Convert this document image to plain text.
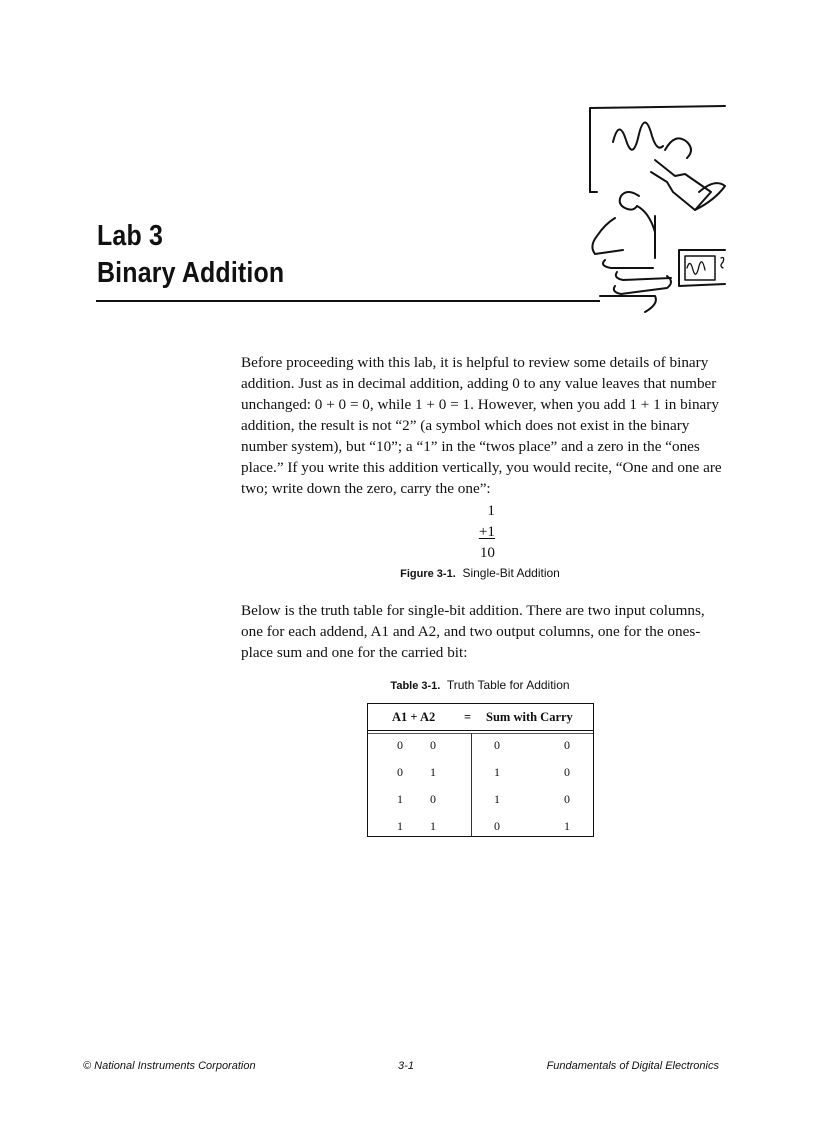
Lab 3
Binary Addition

Before proceeding with this lab, it is helpful to review some details of binary addition. Just as in decimal addition, adding 0 to any value leaves that number unchanged: 0 + 0 = 0, while 1 + 0 = 1. However, when you add 1 + 1 in binary addition, the result is not “2” (a symbol which does not exist in the binary number system), but “10”; a “1” in the “twos place” and a zero in the “ones place.” If you write this addition vertically, you would recite, “One and one are two; write down the zero, carry the one”:

1
+1
10
Figure 3-1. Single-Bit Addition

Below is the truth table for single-bit addition. There are two input columns, one for each addend, A1 and A2, and two output columns, one for the ones-place sum and one for the carried bit:

Table 3-1. Truth Table for Addition
A1 + A2 = Sum with Carry
0	0	0	0
0	1	1	0
1	0	1	0
1	1	0	1
© National Instruments Corporation	3-1	Fundamentals of Digital Electronics
